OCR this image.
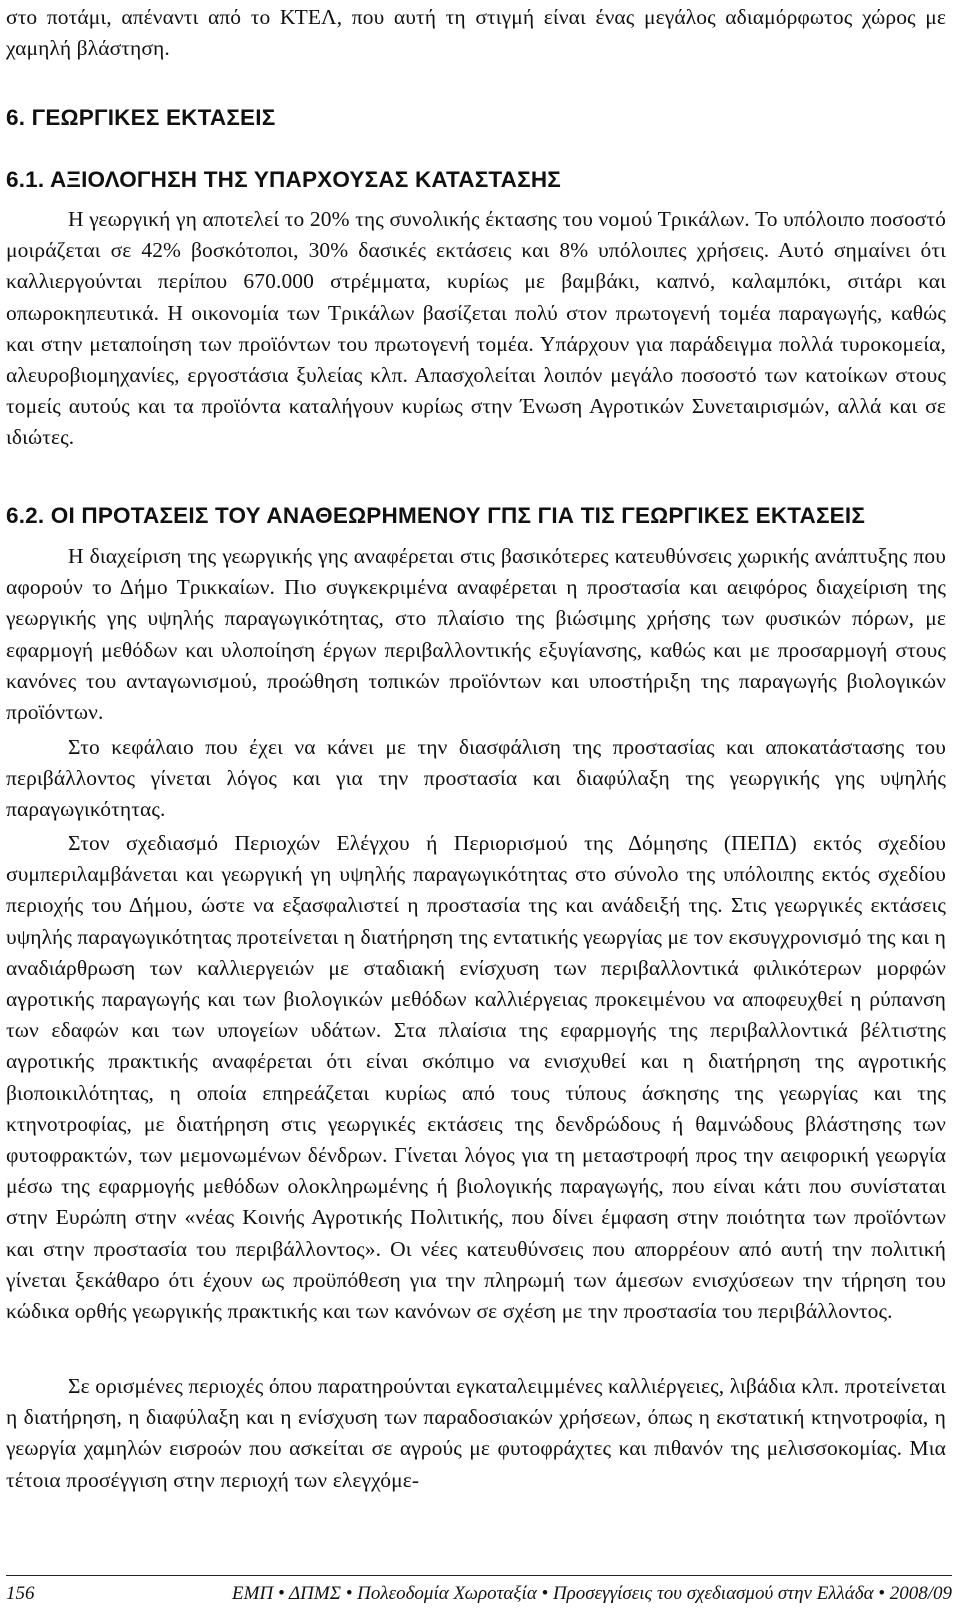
στο ποτάμι, απέναντι από το ΚΤΕΛ, που αυτή τη στιγμή είναι ένας μεγάλος αδιαμόρφωτος χώρος με χαμηλή βλάστηση.

6. ΓΕΩΡΓΙΚΕΣ ΕΚΤΑΣΕΙΣ
6.1. ΑΞΙΟΛΟΓΗΣΗ ΤΗΣ ΥΠΑΡΧΟΥΣΑΣ ΚΑΤΑΣΤΑΣΗΣ

Η γεωργική γη αποτελεί το 20% της συνολικής έκτασης του νομού Τρικάλων. Το υπόλοιπο ποσοστό μοιράζεται σε 42% βοσκότοποι, 30% δασικές εκτάσεις και 8% υπόλοιπες χρήσεις. Αυτό σημαίνει ότι καλλιεργούνται περίπου 670.000 στρέμματα, κυρίως με βαμβάκι, καπνό, καλαμπόκι, σιτάρι και οπωροκηπευτικά. Η οικονομία των Τρικάλων βασίζεται πολύ στον πρωτογενή τομέα παραγωγής, καθώς και στην μεταποίηση των προϊόντων του πρωτογενή τομέα. Υπάρχουν για παράδειγμα πολλά τυροκομεία, αλευροβιομηχανίες, εργοστάσια ξυλείας κλπ. Απασχολείται λοιπόν μεγάλο ποσοστό των κατοίκων στους τομείς αυτούς και τα προϊόντα καταλήγουν κυρίως στην Ένωση Αγροτικών Συνεταιρισμών, αλλά και σε ιδιώτες.

6.2. ΟΙ ΠΡΟΤΑΣΕΙΣ ΤΟΥ ΑΝΑΘΕΩΡΗΜΕΝΟΥ ΓΠΣ ΓΙΑ ΤΙΣ ΓΕΩΡΓΙΚΕΣ ΕΚΤΑΣΕΙΣ

Η διαχείριση της γεωργικής γης αναφέρεται στις βασικότερες κατευθύνσεις χωρικής ανάπτυξης που αφορούν το Δήμο Τρικκαίων. Πιο συγκεκριμένα αναφέρεται η προστασία και αειφόρος διαχείριση της γεωργικής γης υψηλής παραγωγικότητας, στο πλαίσιο της βιώσιμης χρήσης των φυσικών πόρων, με εφαρμογή μεθόδων και υλοποίηση έργων περιβαλλοντικής εξυγίανσης, καθώς και με προσαρμογή στους κανόνες του ανταγωνισμού, προώθηση τοπικών προϊόντων και υποστήριξη της παραγωγής βιολογικών προϊόντων.

Στο κεφάλαιο που έχει να κάνει με την διασφάλιση της προστασίας και αποκατάστασης του περιβάλλοντος γίνεται λόγος και για την προστασία και διαφύλαξη της γεωργικής γης υψηλής παραγωγικότητας.

Στον σχεδιασμό Περιοχών Ελέγχου ή Περιορισμού της Δόμησης (ΠΕΠΔ) εκτός σχεδίου συμπεριλαμβάνεται και γεωργική γη υψηλής παραγωγικότητας στο σύνολο της υπόλοιπης εκτός σχεδίου περιοχής του Δήμου, ώστε να εξασφαλιστεί η προστασία της και ανάδειξή της. Στις γεωργικές εκτάσεις υψηλής παραγωγικότητας προτείνεται η διατήρηση της εντατικής γεωργίας με τον εκσυγχρονισμό της και η αναδιάρθρωση των καλλιεργειών με σταδιακή ενίσχυση των περιβαλλοντικά φιλικότερων μορφών αγροτικής παραγωγής και των βιολογικών μεθόδων καλλιέργειας προκειμένου να αποφευχθεί η ρύπανση των εδαφών και των υπογείων υδάτων. Στα πλαίσια της εφαρμογής της περιβαλλοντικά βέλτιστης αγροτικής πρακτικής αναφέρεται ότι είναι σκόπιμο να ενισχυθεί και η διατήρηση της αγροτικής βιοποικιλότητας, η οποία επηρεάζεται κυρίως από τους τύπους άσκησης της γεωργίας και της κτηνοτροφίας, με διατήρηση στις γεωργικές εκτάσεις της δενδρώδους ή θαμνώδους βλάστησης των φυτοφρακτών, των μεμονωμένων δένδρων. Γίνεται λόγος για τη μεταστροφή προς την αειφορική γεωργία μέσω της εφαρμογής μεθόδων ολοκληρωμένης ή βιολογικής παραγωγής, που είναι κάτι που συνίσταται στην Ευρώπη στην «νέας Κοινής Αγροτικής Πολιτικής, που δίνει έμφαση στην ποιότητα των προϊόντων και στην προστασία του περιβάλλοντος». Οι νέες κατευθύνσεις που απορρέουν από αυτή την πολιτική γίνεται ξεκάθαρο ότι έχουν ως προϋπόθεση για την πληρωμή των άμεσων ενισχύσεων την τήρηση του κώδικα ορθής γεωργικής πρακτικής και των κανόνων σε σχέση με την προστασία του περιβάλλοντος.

Σε ορισμένες περιοχές όπου παρατηρούνται εγκαταλειμμένες καλλιέργειες, λιβάδια κλπ. προτείνεται η διατήρηση, η διαφύλαξη και η ενίσχυση των παραδοσιακών χρήσεων, όπως η εκστατική κτηνοτροφία, η γεωργία χαμηλών εισροών που ασκείται σε αγρούς με φυτοφράχτες και πιθανόν της μελισσοκομίας. Μια τέτοια προσέγγιση στην περιοχή των ελεγχόμε-

156	ΕΜΠ • ΔΠΜΣ • Πολεοδομία Χωροταξία • Προσεγγίσεις του σχεδιασμού στην Ελλάδα • 2008/09
